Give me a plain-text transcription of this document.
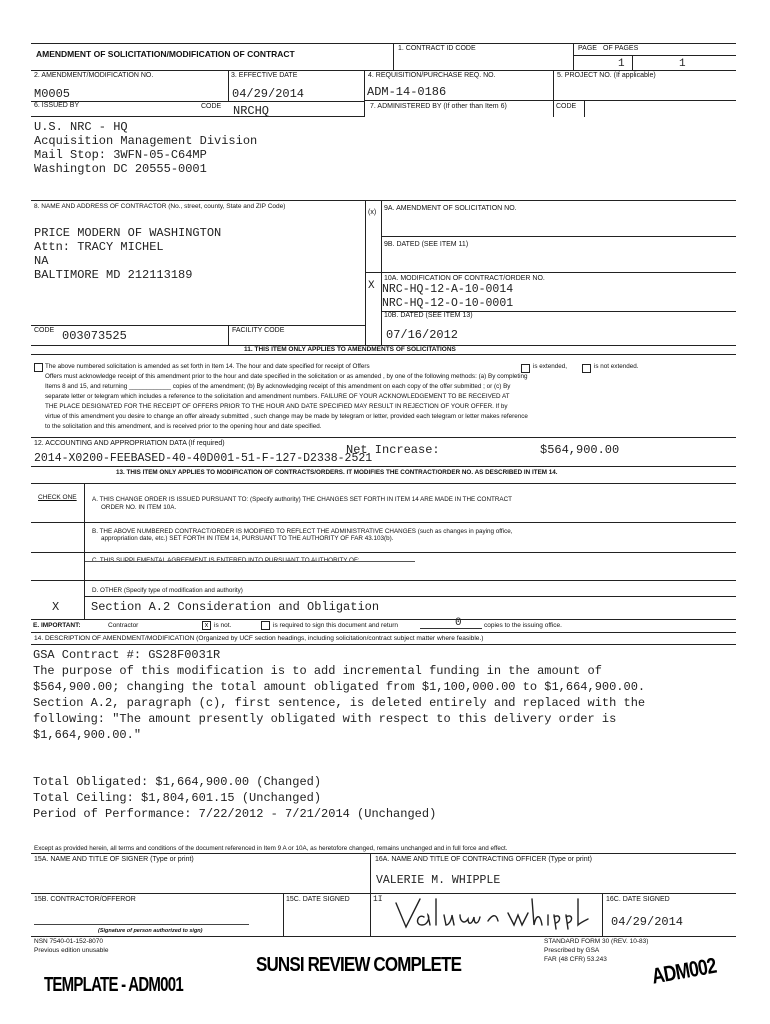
AMENDMENT OF SOLICITATION/MODIFICATION OF CONTRACT
1. CONTRACT ID CODE	PAGE OF PAGES
1	1
2. AMENDMENT/MODIFICATION NO.
M0005
3. EFFECTIVE DATE
04/29/2014
4. REQUISITION/PURCHASE REQ. NO.
ADM-14-0186
5. PROJECT NO. (If applicable)
6. ISSUED BY	CODE NRCHQ	7. ADMINISTERED BY (If other than Item 6)	CODE
U.S. NRC - HQ
Acquisition Management Division
Mail Stop: 3WFN-05-C64MP
Washington DC 20555-0001
8. NAME AND ADDRESS OF CONTRACTOR (No., street, county, State and ZIP Code)
PRICE MODERN OF WASHINGTON
Attn: TRACY MICHEL
NA
BALTIMORE MD 212113189
(x)
9A. AMENDMENT OF SOLICITATION NO.
9B. DATED (SEE ITEM 11)
10A. MODIFICATION OF CONTRACT/ORDER NO.
X NRC-HQ-12-A-10-0014
NRC-HQ-12-O-10-0001
10B. DATED (SEE ITEM 13)
07/16/2012
CODE 003073525	FACILITY CODE
11. THIS ITEM ONLY APPLIES TO AMENDMENTS OF SOLICITATIONS
The above numbered solicitation is amended as set forth in Item 14. The hour and date specified for receipt of Offers	is extended,	is not extended.
Offers must acknowledge receipt of this amendment prior to the hour and date specified in the solicitation or as amended , by one of the following methods: (a) By completing
Items 8 and 15, and returning ____________ copies of the amendment; (b) By acknowledging receipt of this amendment on each copy of the offer submitted ; or (c) By
separate letter or telegram which includes a reference to the solicitation and amendment numbers. FAILURE OF YOUR ACKNOWLEDGEMENT TO BE RECEIVED AT
THE PLACE DESIGNATED FOR THE RECEIPT OF OFFERS PRIOR TO THE HOUR AND DATE SPECIFIED MAY RESULT IN REJECTION OF YOUR OFFER. If by
virtue of this amendment you desire to change an offer already submitted , such change may be made by telegram or letter, provided each telegram or letter makes reference
to the solicitation and this amendment, and is received prior to the opening hour and date specified.
12. ACCOUNTING AND APPROPRIATION DATA (If required)	Net Increase:	$564,900.00
2014-X0200-FEEBASED-40-40D001-51-F-127-D2338-2521
13. THIS ITEM ONLY APPLIES TO MODIFICATION OF CONTRACTS/ORDERS. IT MODIFIES THE CONTRACT/ORDER NO. AS DESCRIBED IN ITEM 14.
CHECK ONE A. THIS CHANGE ORDER IS ISSUED PURSUANT TO: (Specify authority) THE CHANGES SET FORTH IN ITEM 14 ARE MADE IN THE CONTRACT
ORDER NO. IN ITEM 10A.
B. THE ABOVE NUMBERED CONTRACT/ORDER IS MODIFIED TO REFLECT THE ADMINISTRATIVE CHANGES (such as changes in paying office,
appropriation date, etc.) SET FORTH IN ITEM 14, PURSUANT TO THE AUTHORITY OF FAR 43.103(b).
C. THIS SUPPLEMENTAL AGREEMENT IS ENTERED INTO PURSUANT TO AUTHORITY OF:
D. OTHER (Specify type of modification and authority)
X	Section A.2 Consideration and Obligation
E. IMPORTANT:	Contractor	x is not.	is required to sign this document and return	0	copies to the issuing office.
14. DESCRIPTION OF AMENDMENT/MODIFICATION (Organized by UCF section headings, including solicitation/contract subject matter where feasible.)
GSA Contract #: GS28F0031R
The purpose of this modification is to add incremental funding in the amount of
$564,900.00; changing the total amount obligated from $1,100,000.00 to $1,664,900.00.
Section A.2, paragraph (c), first sentence, is deleted entirely and replaced with the
following: "The amount presently obligated with respect to this delivery order is
$1,664,900.00."
Total Obligated: $1,664,900.00 (Changed)
Total Ceiling: $1,804,601.15 (Unchanged)
Period of Performance: 7/22/2012 - 7/21/2014 (Unchanged)
Except as provided herein, all terms and conditions of the document referenced in Item 9 A or 10A, as heretofore changed, remains unchanged and in full force and effect.
15A. NAME AND TITLE OF SIGNER (Type or print)	16A. NAME AND TITLE OF CONTRACTING OFFICER (Type or print)
VALERIE M. WHIPPLE
15B. CONTRACTOR/OFFEROR	15C. DATE SIGNED	1I	16C. DATE SIGNED
04/29/2014
(Signature of person authorized to sign)
NSN 7540-01-152-8070
Previous edition unusable
STANDARD FORM 30 (REV. 10-83)
Prescribed by GSA
FAR (48 CFR) 53.243
SUNSI REVIEW COMPLETE
TEMPLATE - ADM001	ADM002
